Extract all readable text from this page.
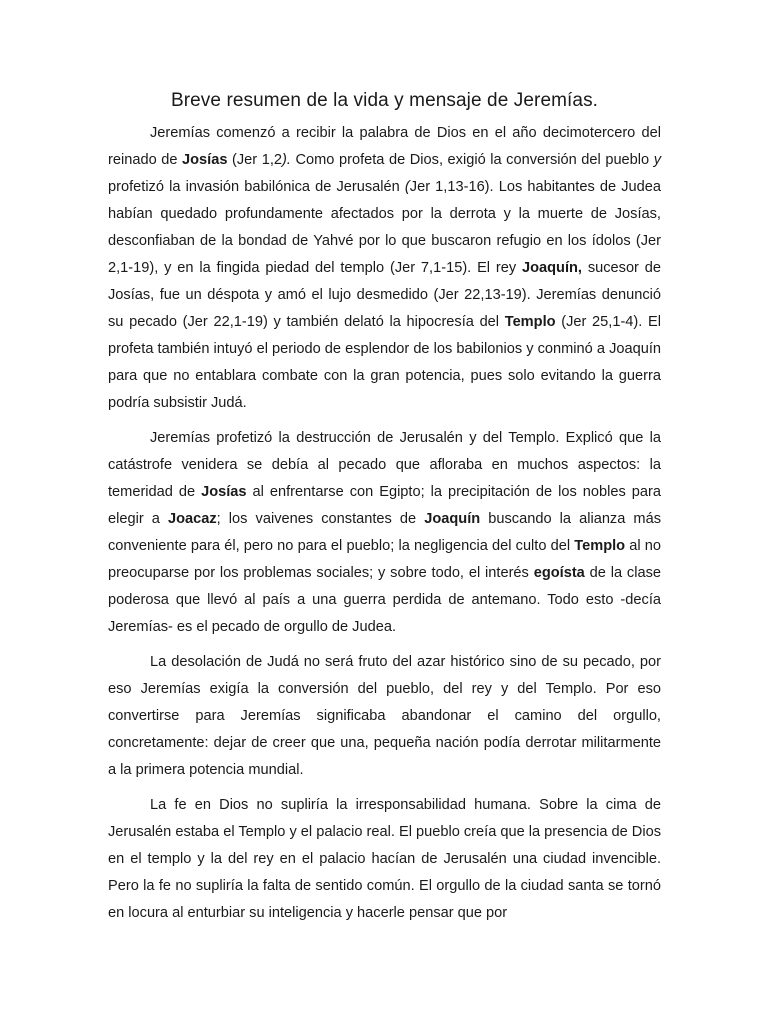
Breve resumen de la vida y mensaje de Jeremías.

Jeremías comenzó a recibir la palabra de Dios en el año decimotercero del reinado de Josías (Jer 1,2). Como profeta de Dios, exigió la conversión del pueblo y profetizó la invasión babilónica de Jerusalén (Jer 1,13-16). Los habitantes de Judea habían quedado profundamente afectados por la derrota y la muerte de Josías, desconfiaban de la bondad de Yahvé por lo que buscaron refugio en los ídolos (Jer 2,1-19), y en la fingida piedad del templo (Jer 7,1-15). El rey Joaquín, sucesor de Josías, fue un déspota y amó el lujo desmedido (Jer 22,13-19). Jeremías denunció su pecado (Jer 22,1-19) y también delató la hipocresía del Templo (Jer 25,1-4). El profeta también intuyó el periodo de esplendor de los babilonios y conminó a Joaquín para que no entablara combate con la gran potencia, pues solo evitando la guerra podría subsistir Judá.

Jeremías profetizó la destrucción de Jerusalén y del Templo. Explicó que la catástrofe venidera se debía al pecado que afloraba en muchos aspectos: la temeridad de Josías al enfrentarse con Egipto; la precipitación de los nobles para elegir a Joacaz; los vaivenes constantes de Joaquín buscando la alianza más conveniente para él, pero no para el pueblo; la negligencia del culto del Templo al no preocuparse por los problemas sociales; y sobre todo, el interés egoísta de la clase poderosa que llevó al país a una guerra perdida de antemano. Todo esto -decía Jeremías- es el pecado de orgullo de Judea.

La desolación de Judá no será fruto del azar histórico sino de su pecado, por eso Jeremías exigía la conversión del pueblo, del rey y del Templo. Por eso convertirse para Jeremías significaba abandonar el camino del orgullo, concretamente: dejar de creer que una, pequeña nación podía derrotar militarmente a la primera potencia mundial.

La fe en Dios no supliría la irresponsabilidad humana. Sobre la cima de Jerusalén estaba el Templo y el palacio real. El pueblo creía que la presencia de Dios en el templo y la del rey en el palacio hacían de Jerusalén una ciudad invencible. Pero la fe no supliría la falta de sentido común. El orgullo de la ciudad santa se tornó en locura al enturbiar su inteligencia y hacerle pensar que por
